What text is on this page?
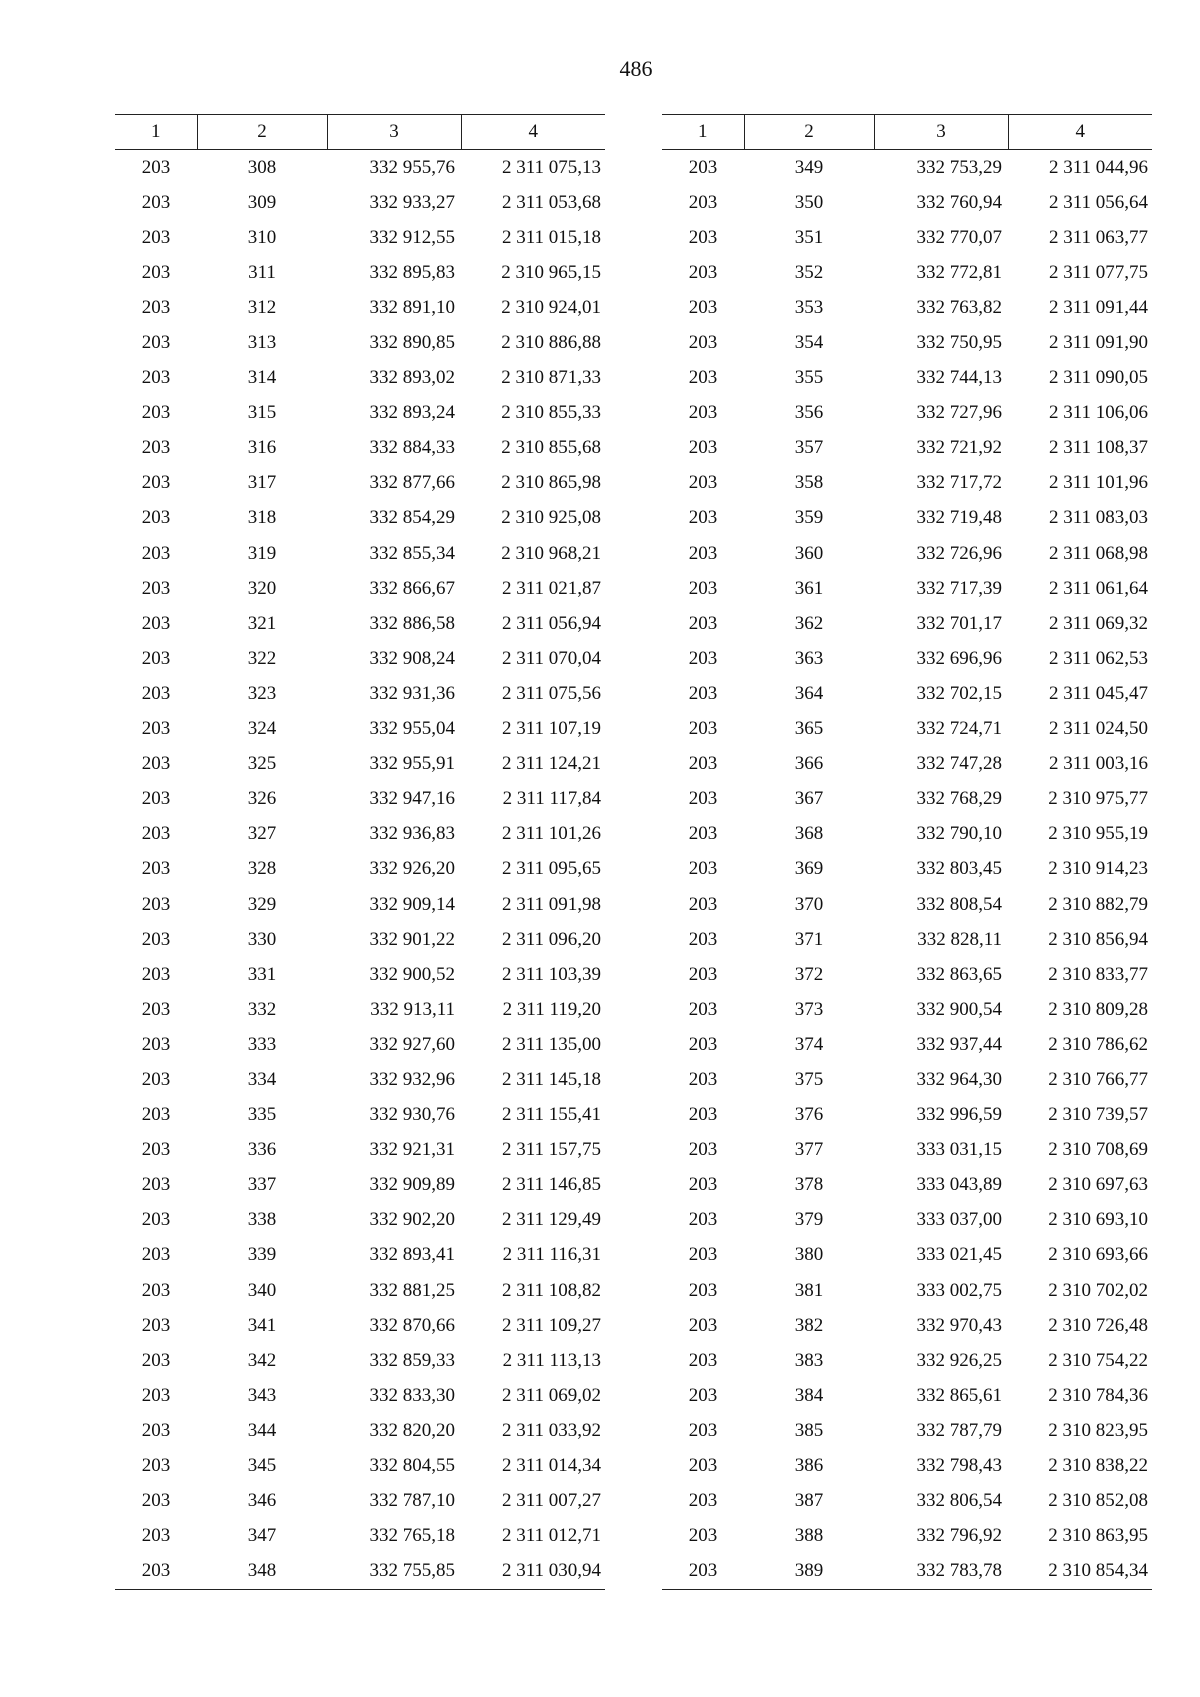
486
1	2	3	4
203	308	332 955,76	2 311 075,13
203	309	332 933,27	2 311 053,68
203	310	332 912,55	2 311 015,18
203	311	332 895,83	2 310 965,15
203	312	332 891,10	2 310 924,01
203	313	332 890,85	2 310 886,88
203	314	332 893,02	2 310 871,33
203	315	332 893,24	2 310 855,33
203	316	332 884,33	2 310 855,68
203	317	332 877,66	2 310 865,98
203	318	332 854,29	2 310 925,08
203	319	332 855,34	2 310 968,21
203	320	332 866,67	2 311 021,87
203	321	332 886,58	2 311 056,94
203	322	332 908,24	2 311 070,04
203	323	332 931,36	2 311 075,56
203	324	332 955,04	2 311 107,19
203	325	332 955,91	2 311 124,21
203	326	332 947,16	2 311 117,84
203	327	332 936,83	2 311 101,26
203	328	332 926,20	2 311 095,65
203	329	332 909,14	2 311 091,98
203	330	332 901,22	2 311 096,20
203	331	332 900,52	2 311 103,39
203	332	332 913,11	2 311 119,20
203	333	332 927,60	2 311 135,00
203	334	332 932,96	2 311 145,18
203	335	332 930,76	2 311 155,41
203	336	332 921,31	2 311 157,75
203	337	332 909,89	2 311 146,85
203	338	332 902,20	2 311 129,49
203	339	332 893,41	2 311 116,31
203	340	332 881,25	2 311 108,82
203	341	332 870,66	2 311 109,27
203	342	332 859,33	2 311 113,13
203	343	332 833,30	2 311 069,02
203	344	332 820,20	2 311 033,92
203	345	332 804,55	2 311 014,34
203	346	332 787,10	2 311 007,27
203	347	332 765,18	2 311 012,71
203	348	332 755,85	2 311 030,94
1	2	3	4
203	349	332 753,29	2 311 044,96
203	350	332 760,94	2 311 056,64
203	351	332 770,07	2 311 063,77
203	352	332 772,81	2 311 077,75
203	353	332 763,82	2 311 091,44
203	354	332 750,95	2 311 091,90
203	355	332 744,13	2 311 090,05
203	356	332 727,96	2 311 106,06
203	357	332 721,92	2 311 108,37
203	358	332 717,72	2 311 101,96
203	359	332 719,48	2 311 083,03
203	360	332 726,96	2 311 068,98
203	361	332 717,39	2 311 061,64
203	362	332 701,17	2 311 069,32
203	363	332 696,96	2 311 062,53
203	364	332 702,15	2 311 045,47
203	365	332 724,71	2 311 024,50
203	366	332 747,28	2 311 003,16
203	367	332 768,29	2 310 975,77
203	368	332 790,10	2 310 955,19
203	369	332 803,45	2 310 914,23
203	370	332 808,54	2 310 882,79
203	371	332 828,11	2 310 856,94
203	372	332 863,65	2 310 833,77
203	373	332 900,54	2 310 809,28
203	374	332 937,44	2 310 786,62
203	375	332 964,30	2 310 766,77
203	376	332 996,59	2 310 739,57
203	377	333 031,15	2 310 708,69
203	378	333 043,89	2 310 697,63
203	379	333 037,00	2 310 693,10
203	380	333 021,45	2 310 693,66
203	381	333 002,75	2 310 702,02
203	382	332 970,43	2 310 726,48
203	383	332 926,25	2 310 754,22
203	384	332 865,61	2 310 784,36
203	385	332 787,79	2 310 823,95
203	386	332 798,43	2 310 838,22
203	387	332 806,54	2 310 852,08
203	388	332 796,92	2 310 863,95
203	389	332 783,78	2 310 854,34
